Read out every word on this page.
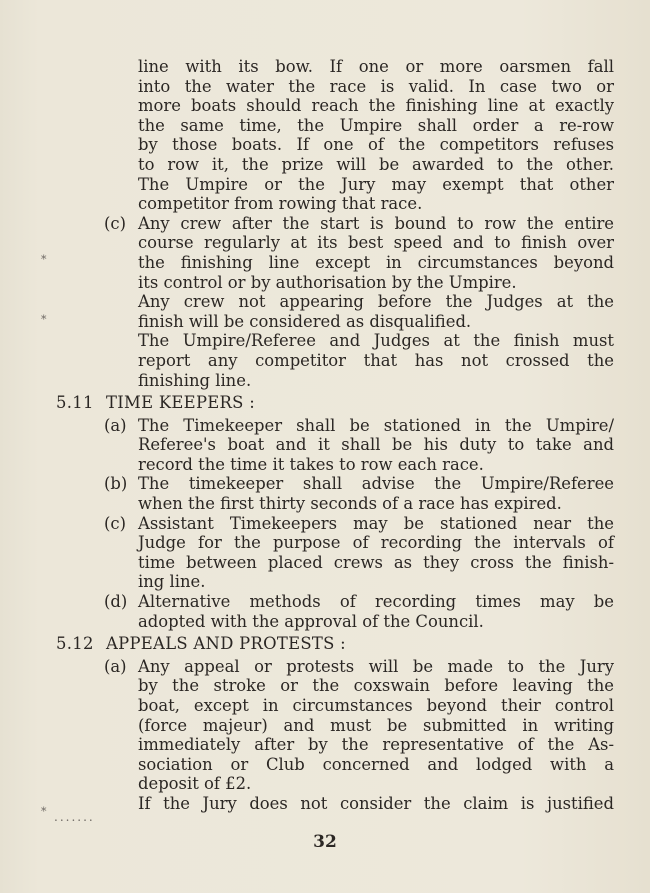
*
*
* .......
line with its bow. If one or more oarsmen fall
into the water the race is valid. In case two or
more boats should reach the finishing line at exactly
the same time, the Umpire shall order a re-row
by those boats. If one of the competitors refuses
to row it, the prize will be awarded to the other.
The Umpire or the Jury may exempt that other
competitor from rowing that race.
(c) Any crew after the start is bound to row the entire
course regularly at its best speed and to finish over
the finishing line except in circumstances beyond
its control or by authorisation by the Umpire.
Any crew not appearing before the Judges at the
finish will be considered as disqualified.
The Umpire/Referee and Judges at the finish must
report any competitor that has not crossed the
finishing line.
5.11 TIME KEEPERS :
(a) The Timekeeper shall be stationed in the Umpire/
Referee's boat and it shall be his duty to take and
record the time it takes to row each race.
(b) The timekeeper shall advise the Umpire/Referee
when the first thirty seconds of a race has expired.
(c) Assistant Timekeepers may be stationed near the
Judge for the purpose of recording the intervals of
time between placed crews as they cross the finish-
ing line.
(d) Alternative methods of recording times may be
adopted with the approval of the Council.
5.12 APPEALS AND PROTESTS :
(a) Any appeal or protests will be made to the Jury
by the stroke or the coxswain before leaving the
boat, except in circumstances beyond their control
(force majeur) and must be submitted in writing
immediately after by the representative of the As-
sociation or Club concerned and lodged with a
deposit of £2.
If the Jury does not consider the claim is justified
32
